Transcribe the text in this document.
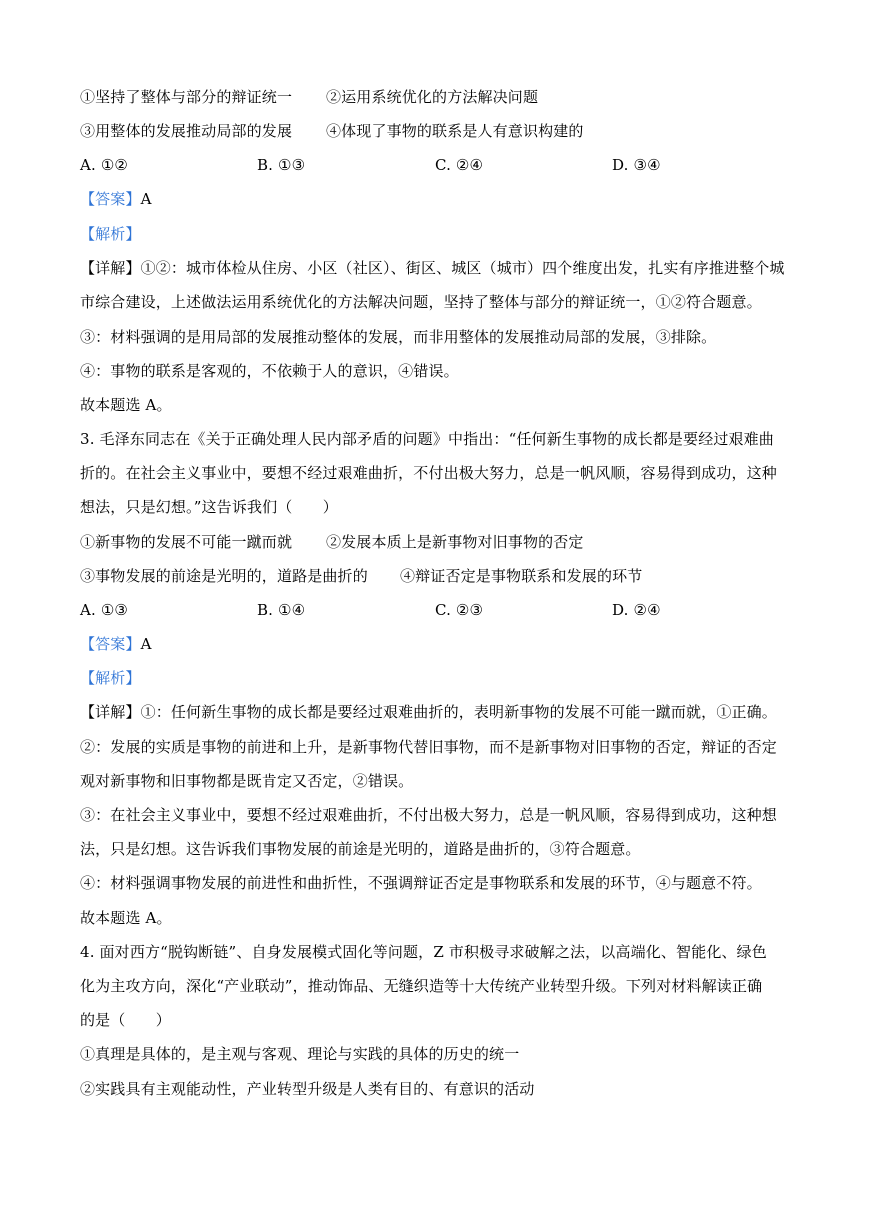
①坚持了整体与部分的辩证统一 ②运用系统优化的方法解决问题
③用整体的发展推动局部的发展 ④体现了事物的联系是人有意识构建的
A. ①②	B. ①③	C. ②④	D. ③④
【答案】A
【解析】
【详解】①②：城市体检从住房、小区（社区）、街区、城区（城市）四个维度出发，扎实有序推进整个城
市综合建设，上述做法运用系统优化的方法解决问题，坚持了整体与部分的辩证统一，①②符合题意。
③：材料强调的是用局部的发展推动整体的发展，而非用整体的发展推动局部的发展，③排除。
④：事物的联系是客观的，不依赖于人的意识，④错误。
故本题选 A。
3. 毛泽东同志在《关于正确处理人民内部矛盾的问题》中指出：“任何新生事物的成长都是要经过艰难曲
折的。在社会主义事业中，要想不经过艰难曲折，不付出极大努力，总是一帆风顺，容易得到成功，这种
想法，只是幻想。”这告诉我们（　　）
①新事物的发展不可能一蹴而就 ②发展本质上是新事物对旧事物的否定
③事物发展的前途是光明的，道路是曲折的 ④辩证否定是事物联系和发展的环节
A. ①③	B. ①④	C. ②③	D. ②④
【答案】A
【解析】
【详解】①：任何新生事物的成长都是要经过艰难曲折的，表明新事物的发展不可能一蹴而就，①正确。
②：发展的实质是事物的前进和上升，是新事物代替旧事物，而不是新事物对旧事物的否定，辩证的否定
观对新事物和旧事物都是既肯定又否定，②错误。
③：在社会主义事业中，要想不经过艰难曲折，不付出极大努力，总是一帆风顺，容易得到成功，这种想
法，只是幻想。这告诉我们事物发展的前途是光明的，道路是曲折的，③符合题意。
④：材料强调事物发展的前进性和曲折性，不强调辩证否定是事物联系和发展的环节，④与题意不符。
故本题选 A。
4. 面对西方“脱钩断链”、自身发展模式固化等问题，Z 市积极寻求破解之法，以高端化、智能化、绿色
化为主攻方向，深化“产业联动”，推动饰品、无缝织造等十大传统产业转型升级。下列对材料解读正确
的是（　　）
①真理是具体的，是主观与客观、理论与实践的具体的历史的统一
②实践具有主观能动性，产业转型升级是人类有目的、有意识的活动
